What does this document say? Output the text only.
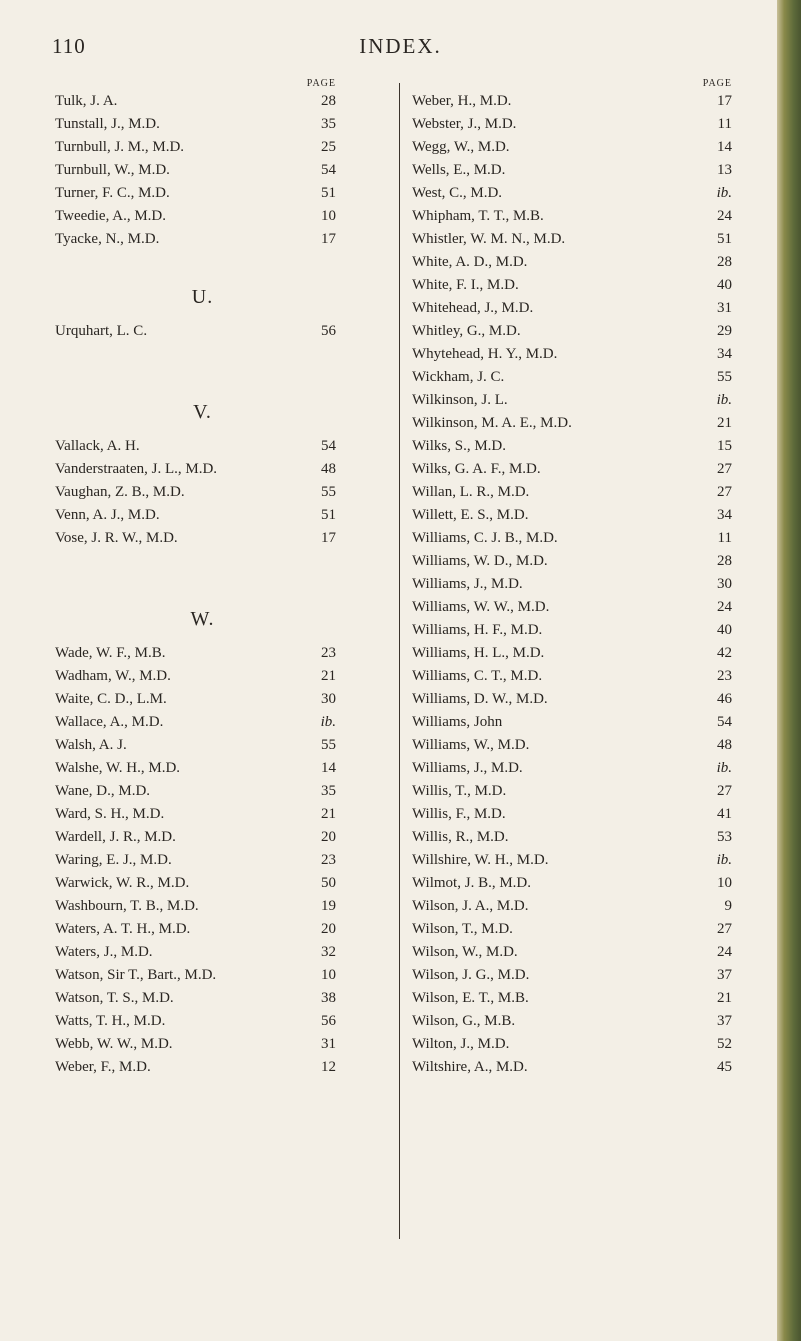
110	INDEX.
PAGE
Tulk, J. A.	28
Tunstall, J., M.D.	35
Turnbull, J. M., M.D.	25
Turnbull, W., M.D.	54
Turner, F. C., M.D.	51
Tweedie, A., M.D.	10
Tyacke, N., M.D.	17
U.
Urquhart, L. C.	56
V.
Vallack, A. H.	54
Vanderstraaten, J. L., M.D.	48
Vaughan, Z. B., M.D.	55
Venn, A. J., M.D.	51
Vose, J. R. W., M.D.	17
W.
Wade, W. F., M.B.	23
Wadham, W., M.D.	21
Waite, C. D., L.M.	30
Wallace, A., M.D.	ib.
Walsh, A. J.	55
Walshe, W. H., M.D.	14
Wane, D., M.D.	35
Ward, S. H., M.D.	21
Wardell, J. R., M.D.	20
Waring, E. J., M.D.	23
Warwick, W. R., M.D.	50
Washbourn, T. B., M.D.	19
Waters, A. T. H., M.D.	20
Waters, J., M.D.	32
Watson, Sir T., Bart., M.D.	10
Watson, T. S., M.D.	38
Watts, T. H., M.D.	56
Webb, W. W., M.D.	31
Weber, F., M.D.	12
PAGE
Weber, H., M.D.	17
Webster, J., M.D.	11
Wegg, W., M.D.	14
Wells, E., M.D.	13
West, C., M.D.	ib.
Whipham, T. T., M.B.	24
Whistler, W. M. N., M.D.	51
White, A. D., M.D.	28
White, F. I., M.D.	40
Whitehead, J., M.D.	31
Whitley, G., M.D.	29
Whytehead, H. Y., M.D.	34
Wickham, J. C.	55
Wilkinson, J. L.	ib.
Wilkinson, M. A. E., M.D.	21
Wilks, S., M.D.	15
Wilks, G. A. F., M.D.	27
Willan, L. R., M.D.	27
Willett, E. S., M.D.	34
Williams, C. J. B., M.D.	11
Williams, W. D., M.D.	28
Williams, J., M.D.	30
Williams, W. W., M.D.	24
Williams, H. F., M.D.	40
Williams, H. L., M.D.	42
Williams, C. T., M.D.	23
Williams, D. W., M.D.	46
Williams, John	54
Williams, W., M.D.	48
Williams, J., M.D.	ib.
Willis, T., M.D.	27
Willis, F., M.D.	41
Willis, R., M.D.	53
Willshire, W. H., M.D.	ib.
Wilmot, J. B., M.D.	10
Wilson, J. A., M.D.	9
Wilson, T., M.D.	27
Wilson, W., M.D.	24
Wilson, J. G., M.D.	37
Wilson, E. T., M.B.	21
Wilson, G., M.B.	37
Wilton, J., M.D.	52
Wiltshire, A., M.D.	45
